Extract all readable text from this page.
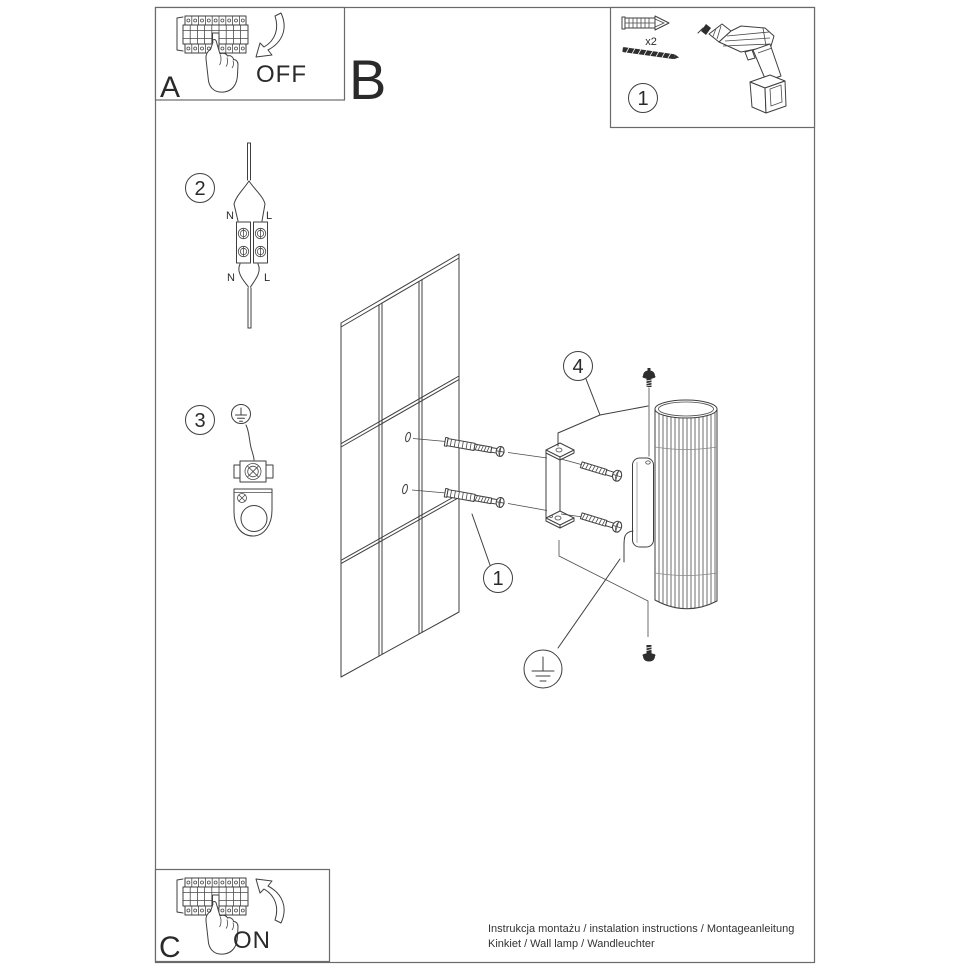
OFF
A	B
x2
1
2
N	L
N	L
3
1
4
ON
C
Instrukcja montażu / instalation instructions / Montageanleitung
Kinkiet / Wall lamp / Wandleuchter
